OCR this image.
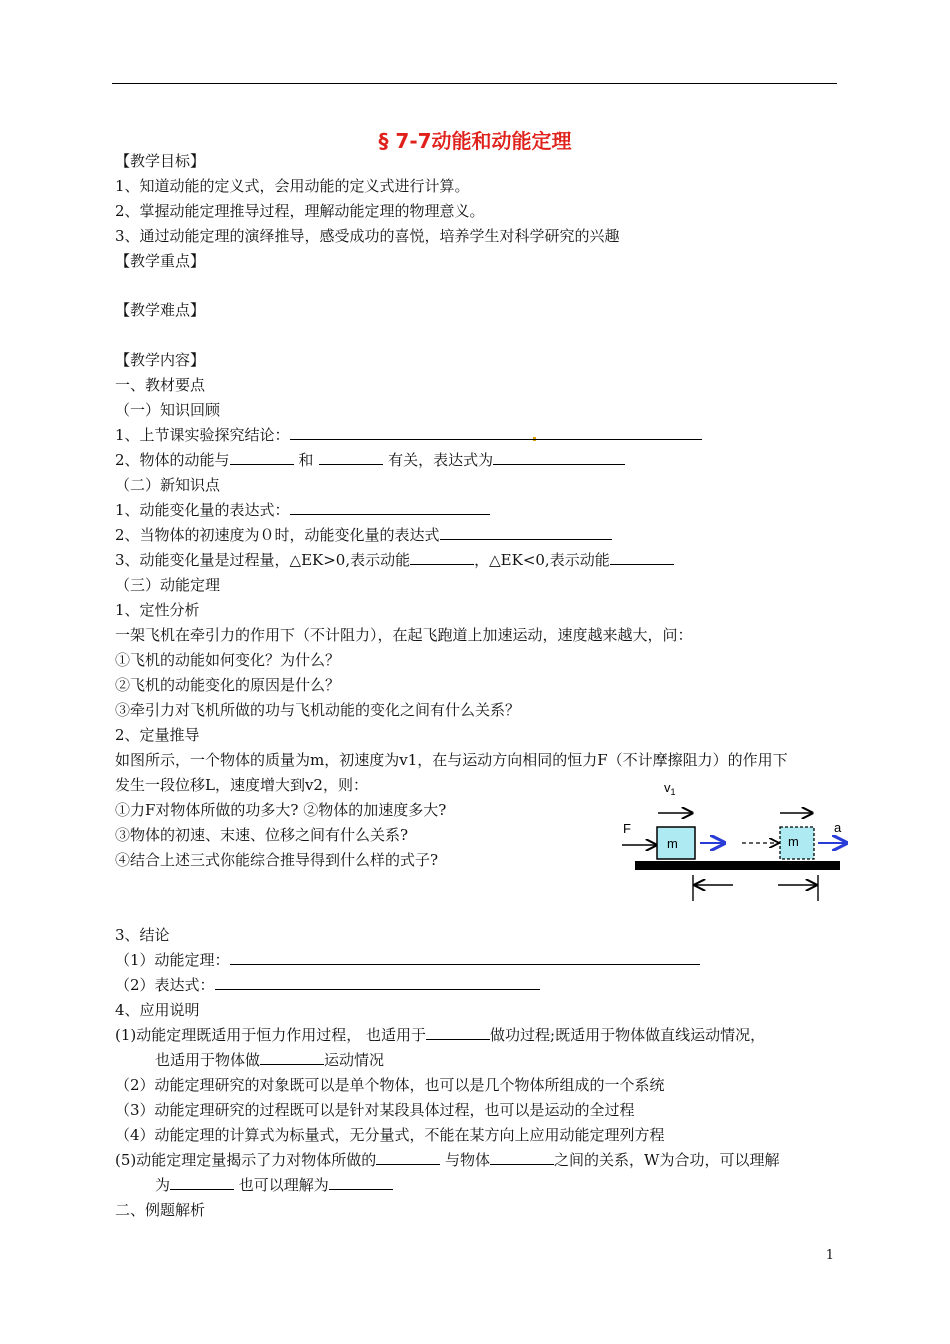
§ 7-7动能和动能定理
【教学目标】
1、知道动能的定义式，会用动能的定义式进行计算。
2、掌握动能定理推导过程，理解动能定理的物理意义。
3、通过动能定理的演绎推导，感受成功的喜悦，培养学生对科学研究的兴趣
【教学重点】
【教学难点】
【教学内容】
一、教材要点
（一）知识回顾
1、上节课实验探究结论：
2、物体的动能与	和	有关，表达式为
（二）新知识点
1、动能变化量的表达式：
2、当物体的初速度为０时，动能变化量的表达式
3、动能变化量是过程量，△EK>0,表示动能	，△EK<0,表示动能
（三）动能定理
1、定性分析
一架飞机在牵引力的作用下（不计阻力），在起飞跑道上加速运动，速度越来越大，问：
①飞机的动能如何变化？为什么？
②飞机的动能变化的原因是什么？
③牵引力对飞机所做的功与飞机动能的变化之间有什么关系？
2、定量推导
如图所示，一个物体的质量为m，初速度为v1，在与运动方向相同的恒力F（不计摩擦阻力）的作用下
发生一段位移L，速度增大到v2，则：
①力F对物体所做的功多大? ②物体的加速度多大?
③物体的初速、末速、位移之间有什么关系?
④结合上述三式你能综合推导得到什么样的式子?
3、结论
（1）动能定理：
（2）表达式：
4、应用说明
(1)动能定理既适用于恒力作用过程， 也适用于	做功过程;既适用于物体做直线运动情况，
也适用于物体做	运动情况
（2）动能定理研究的对象既可以是单个物体，也可以是几个物体所组成的一个系统
（3）动能定理研究的过程既可以是针对某段具体过程，也可以是运动的全过程
（4）动能定理的计算式为标量式，无分量式，不能在某方向上应用动能定理列方程
(5)动能定理定量揭示了力对物体所做的	与物体	之间的关系，W为合功，可以理解
为	也可以理解为
二、例题解析
$v_1$
F
m	m
a
1
